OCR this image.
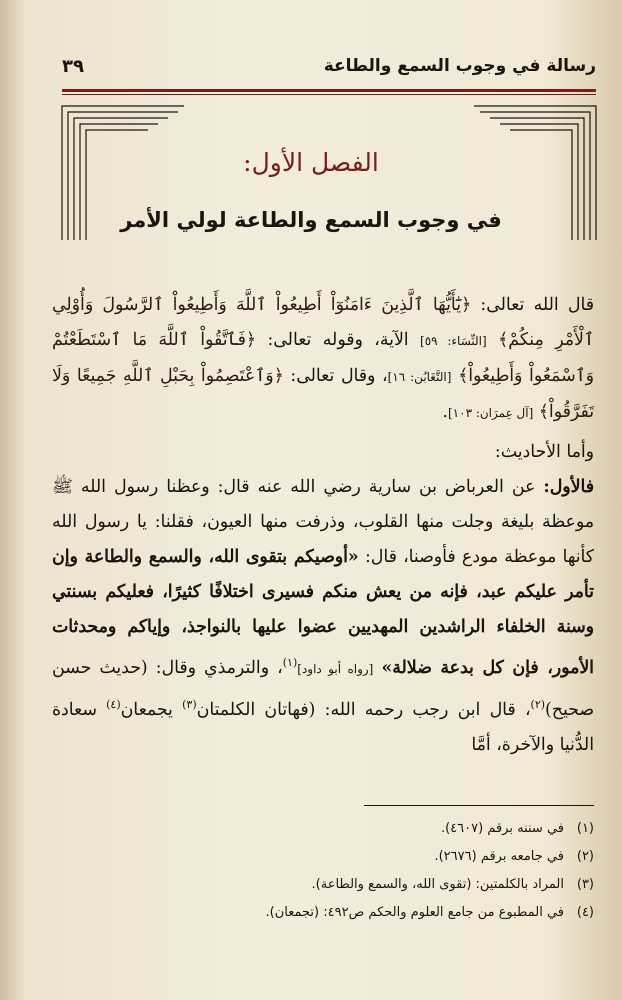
رسالة في وجوب السمع والطاعة
٣٩
الفصل الأول:
في وجوب السمع والطاعة لولي الأمر

قال الله تعالى: ﴿يَٰٓأَيُّهَا ٱلَّذِينَ ءَامَنُوٓاْ أَطِيعُواْ ٱللَّهَ وَأَطِيعُواْ ٱلرَّسُولَ وَأُوْلِي ٱلْأَمْرِ مِنكُمْ﴾ [النِّسَاء: ٥٩] الآية، وقوله تعالى: ﴿فَٱتَّقُواْ ٱللَّهَ مَا ٱسْتَطَعْتُمْ وَٱسْمَعُواْ وَأَطِيعُواْ﴾ [التَّغَابُن: ١٦]، وقال تعالى: ﴿وَٱعْتَصِمُواْ بِحَبْلِ ٱللَّهِ جَمِيعًا وَلَا تَفَرَّقُواْ﴾ [آل عِمرَان: ١٠٣].

وأما الأحاديث:

فالأول: عن العرباض بن سارية رضي الله عنه قال: وعظنا رسول الله ﷺ موعظة بليغة وجلت منها القلوب، وذرفت منها العيون، فقلنا: يا رسول الله كأنها موعظة مودع فأوصنا، قال: «أوصيكم بتقوى الله، والسمع والطاعة وإن تأمر عليكم عبد، فإنه من يعش منكم فسيرى اختلافًا كثيرًا، فعليكم بسنتي وسنة الخلفاء الراشدين المهديين عضوا عليها بالنواجذ، وإياكم ومحدثات الأمور، فإن كل بدعة ضلالة» [رواه أبو داود]$^{(١)}$، والترمذي وقال: (حديث حسن صحيح)$^{(٢)}$، قال ابن رجب رحمه الله: (فهاتان الكلمتان$^{(٣)}$ يجمعان$^{(٤)}$ سعادة الدُّنيا والآخرة، أمَّا

(١)في سننه برقم (٤٦٠٧).
(٢)في جامعه برقم (٢٦٧٦).
(٣)المراد بالكلمتين: (تقوى الله، والسمع والطاعة).
(٤)في المطبوع من جامع العلوم والحكم ص٤٩٢: (تجمعان).
